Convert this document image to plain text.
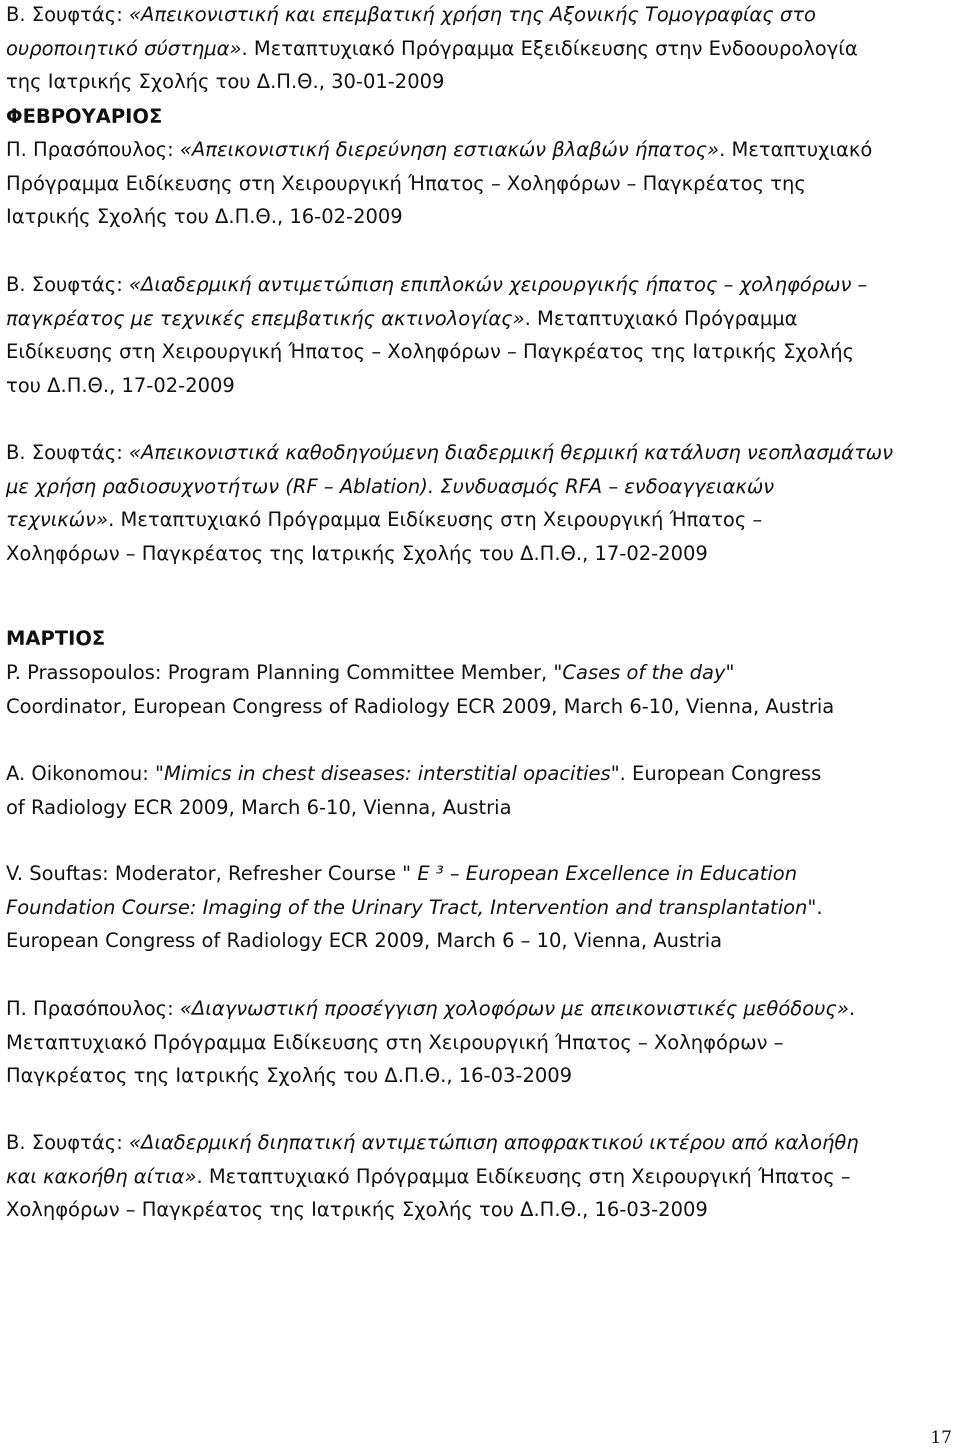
Β. Σουφτάς: «Απεικονιστική και επεμβατική χρήση της Αξονικής Τομογραφίας στο
ουροποιητικό σύστημα». Μεταπτυχιακό Πρόγραμμα Εξειδίκευσης στην Ενδοουρολογία
της Ιατρικής Σχολής του Δ.Π.Θ., 30-01-2009
ΦΕΒΡΟΥΑΡΙΟΣ
Π. Πρασόπουλος: «Απεικονιστική διερεύνηση εστιακών βλαβών ήπατος». Μεταπτυχιακό
Πρόγραμμα Ειδίκευσης στη Χειρουργική Ήπατος – Χοληφόρων – Παγκρέατος της
Ιατρικής Σχολής του Δ.Π.Θ., 16-02-2009
Β. Σουφτάς: «Διαδερμική αντιμετώπιση επιπλοκών χειρουργικής ήπατος – χοληφόρων –
παγκρέατος με τεχνικές επεμβατικής ακτινολογίας». Μεταπτυχιακό Πρόγραμμα
Ειδίκευσης στη Χειρουργική Ήπατος – Χοληφόρων – Παγκρέατος της Ιατρικής Σχολής
του Δ.Π.Θ., 17-02-2009
Β. Σουφτάς: «Απεικονιστικά καθοδηγούμενη διαδερμική θερμική κατάλυση νεοπλασμάτων
με χρήση ραδιοσυχνοτήτων (RF – Ablation). Συνδυασμός RFA – ενδοαγγειακών
τεχνικών». Μεταπτυχιακό Πρόγραμμα Ειδίκευσης στη Χειρουργική Ήπατος –
Χοληφόρων – Παγκρέατος της Ιατρικής Σχολής του Δ.Π.Θ., 17-02-2009
ΜΑΡΤΙΟΣ
P. Prassopoulos: Program Planning Committee Member, "Cases of the day"
Coordinator, European Congress of Radiology ECR 2009, March 6-10, Vienna, Austria
A. Oikonomou: "Mimics in chest diseases: interstitial opacities". European Congress
of Radiology ECR 2009, March 6-10, Vienna, Austria
V. Souftas: Moderator, Refresher Course " E ³ – European Excellence in Education
Foundation Course: Imaging of the Urinary Tract, Intervention and transplantation".
European Congress of Radiology ECR 2009, March 6 – 10, Vienna, Austria
Π. Πρασόπουλος: «Διαγνωστική προσέγγιση χολοφόρων με απεικονιστικές μεθόδους».
Μεταπτυχιακό Πρόγραμμα Ειδίκευσης στη Χειρουργική Ήπατος – Χοληφόρων –
Παγκρέατος της Ιατρικής Σχολής του Δ.Π.Θ., 16-03-2009
Β. Σουφτάς: «Διαδερμική διηπατική αντιμετώπιση αποφρακτικού ικτέρου από καλοήθη
και κακοήθη αίτια». Μεταπτυχιακό Πρόγραμμα Ειδίκευσης στη Χειρουργική Ήπατος –
Χοληφόρων – Παγκρέατος της Ιατρικής Σχολής του Δ.Π.Θ., 16-03-2009
17
